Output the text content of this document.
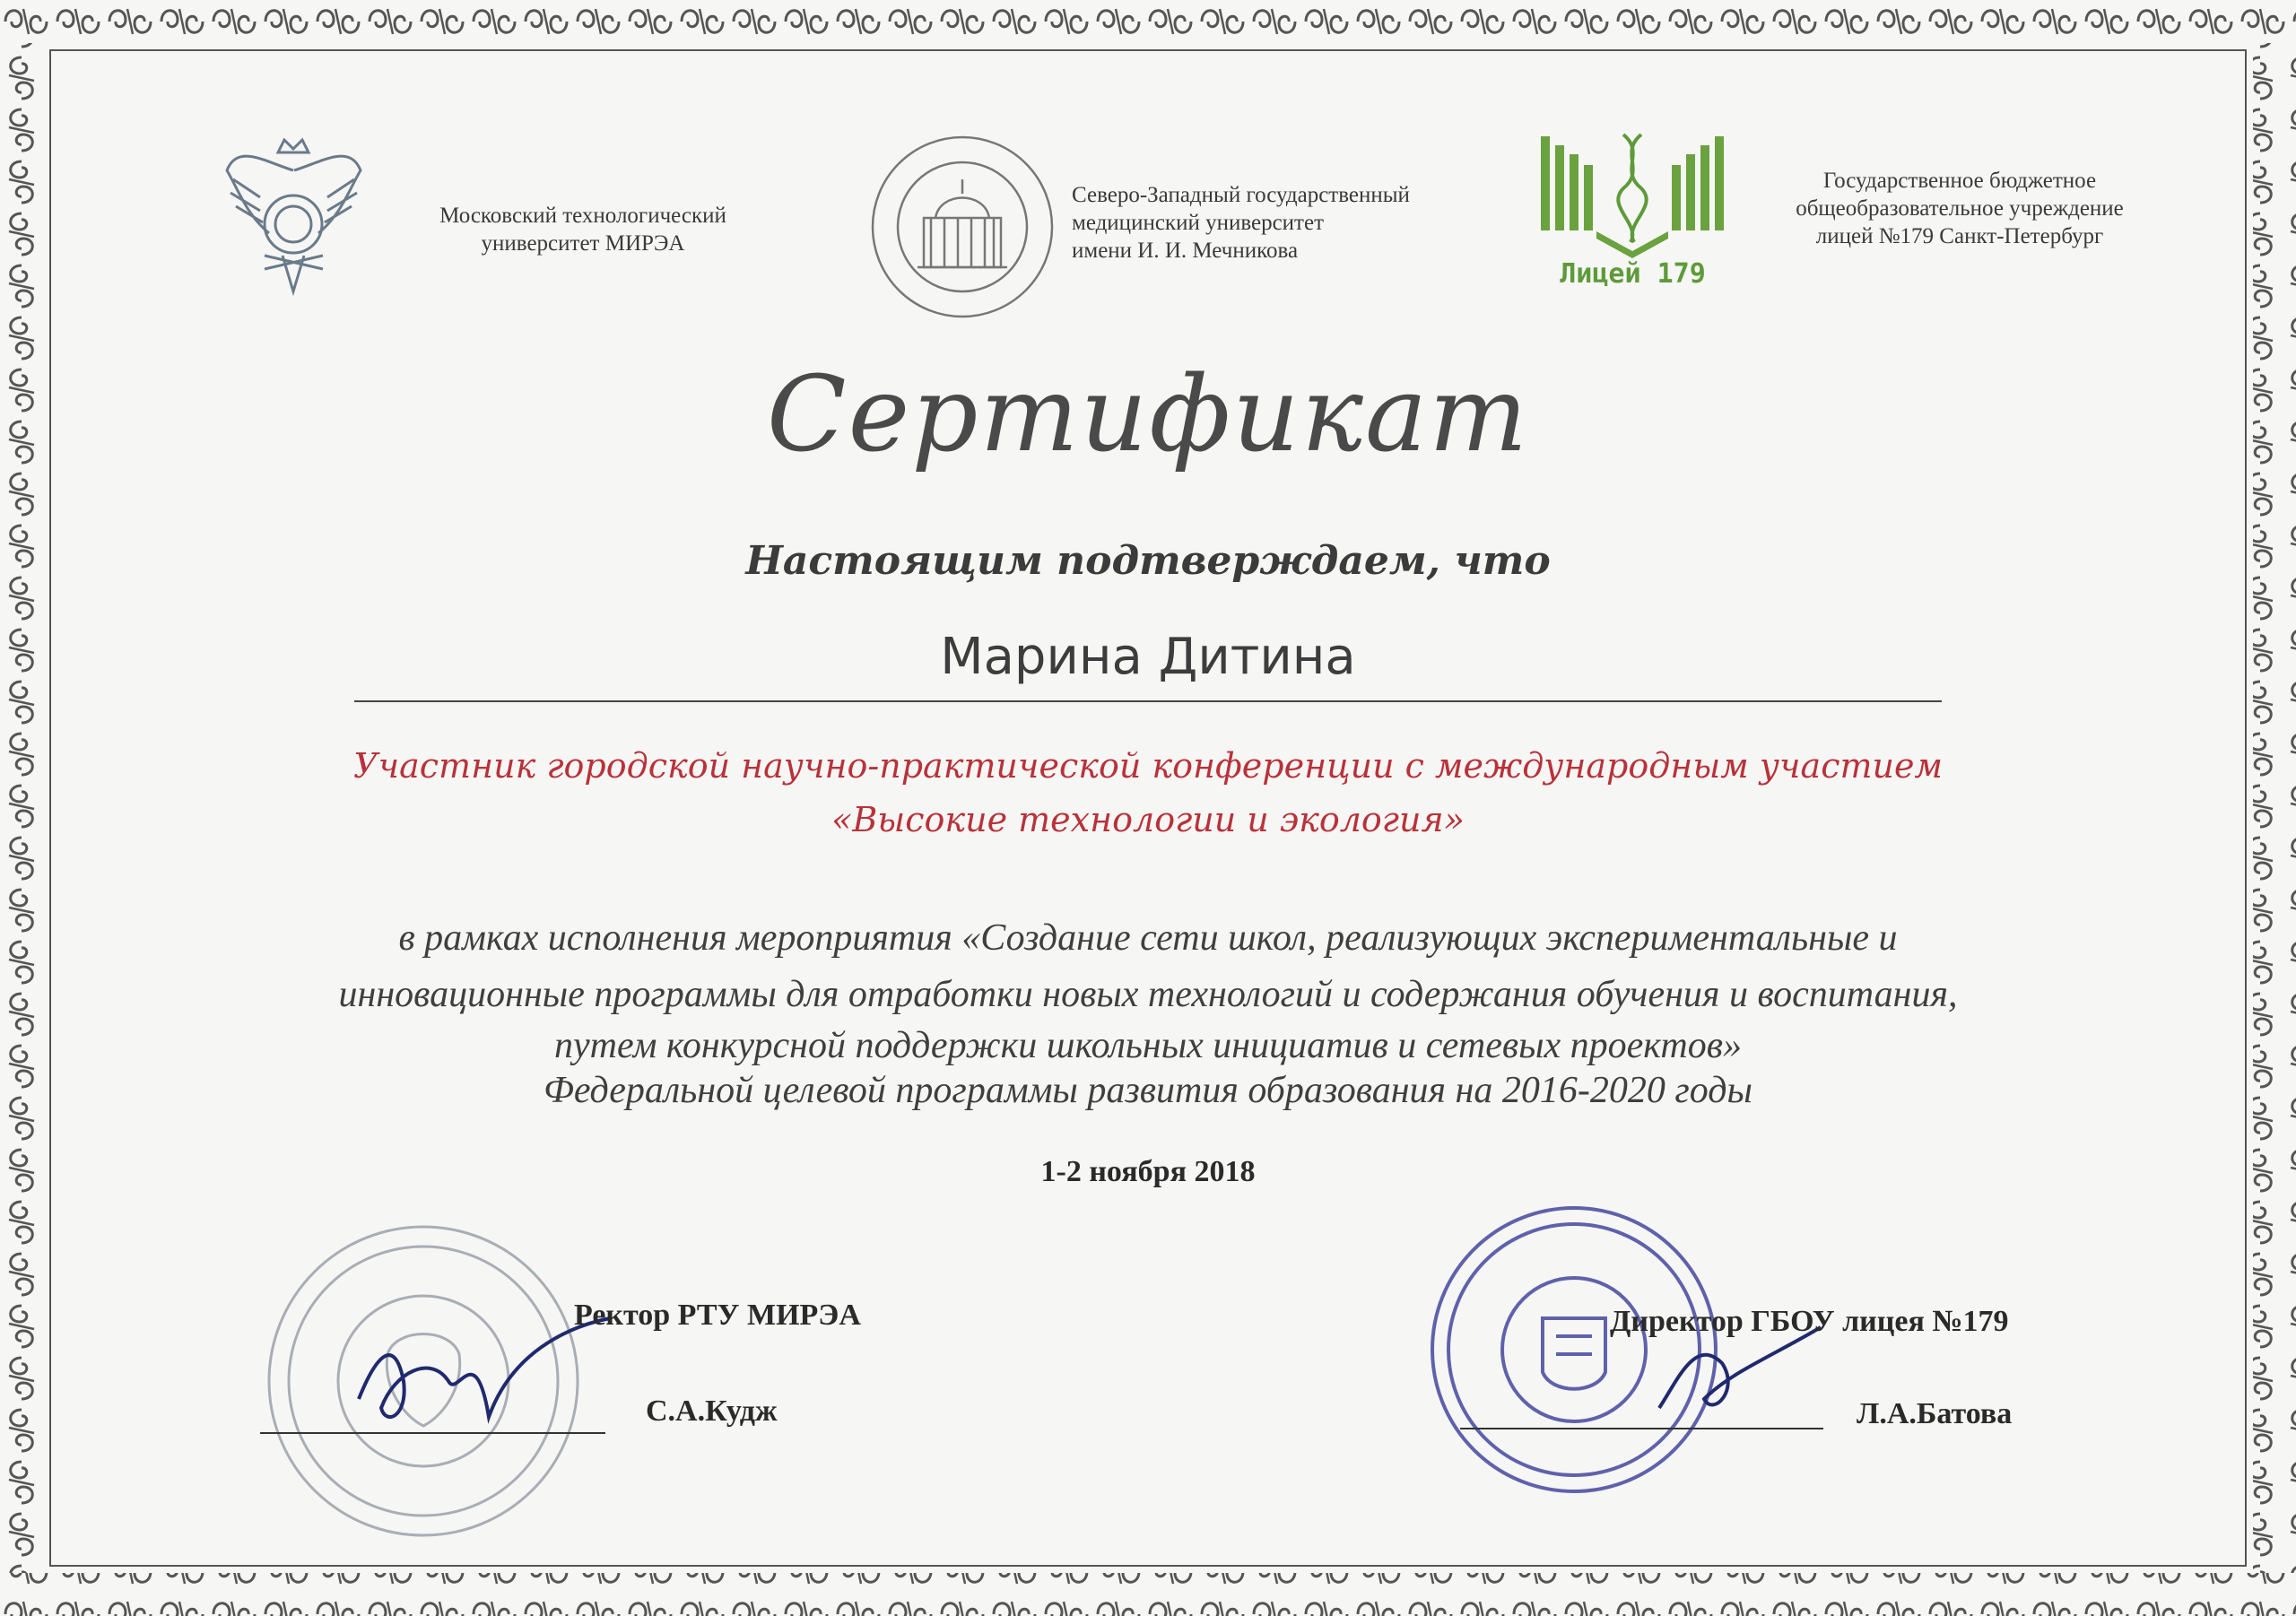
Московский технологический
университет МИРЭА
Северо-Западный государственный
медицинский университет
имени И. И. Мечникова
Лицей 179
Государственное бюджетное
общеобразовательное учреждение
лицей №179 Санкт-Петербург
Сертификат
Настоящим подтверждаем, что
Марина Дитина
Участник городской научно-практической конференции с международным участием
«Высокие технологии и экология»
в рамках исполнения мероприятия «Создание сети школ, реализующих экспериментальные и
инновационные программы для отработки новых технологий и содержания обучения и воспитания,
путем конкурсной поддержки школьных инициатив и сетевых проектов»
Федеральной целевой программы развития образования на 2016-2020 годы
1-2 ноября 2018
Ректор РТУ МИРЭА
С.А.Кудж
Директор ГБОУ лицея №179
Л.А.Батова
